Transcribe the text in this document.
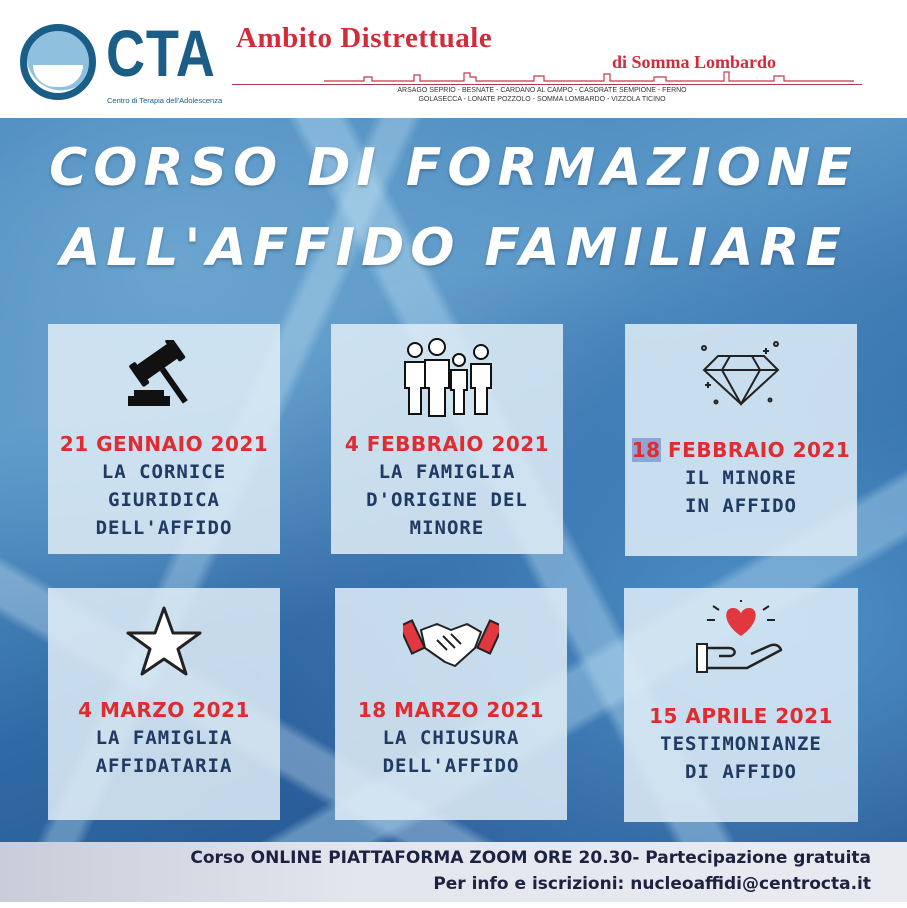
CTA
Centro di Terapia dell'Adolescenza
Ambito Distrettuale
di Somma Lombardo
ARSAGO SEPRIO - BESNATE - CARDANO AL CAMPO - CASORATE SEMPIONE - FERNO
GOLASECCA - LONATE POZZOLO - SOMMA LOMBARDO - VIZZOLA TICINO
CORSO DI FORMAZIONE
ALL'AFFIDO FAMILIARE
21 GENNAIO 2021
LA CORNICE
GIURIDICA
DELL'AFFIDO
4 FEBBRAIO 2021
LA FAMIGLIA
D'ORIGINE DEL
MINORE
18 FEBBRAIO 2021
IL MINORE
IN AFFIDO
4 MARZO 2021
LA FAMIGLIA
AFFIDATARIA
18 MARZO 2021
LA CHIUSURA
DELL'AFFIDO
15 APRILE 2021
TESTIMONIANZE
DI AFFIDO
Corso ONLINE PIATTAFORMA ZOOM ORE 20.30- Partecipazione gratuita
Per info e iscrizioni: nucleoaffidi@centrocta.it
